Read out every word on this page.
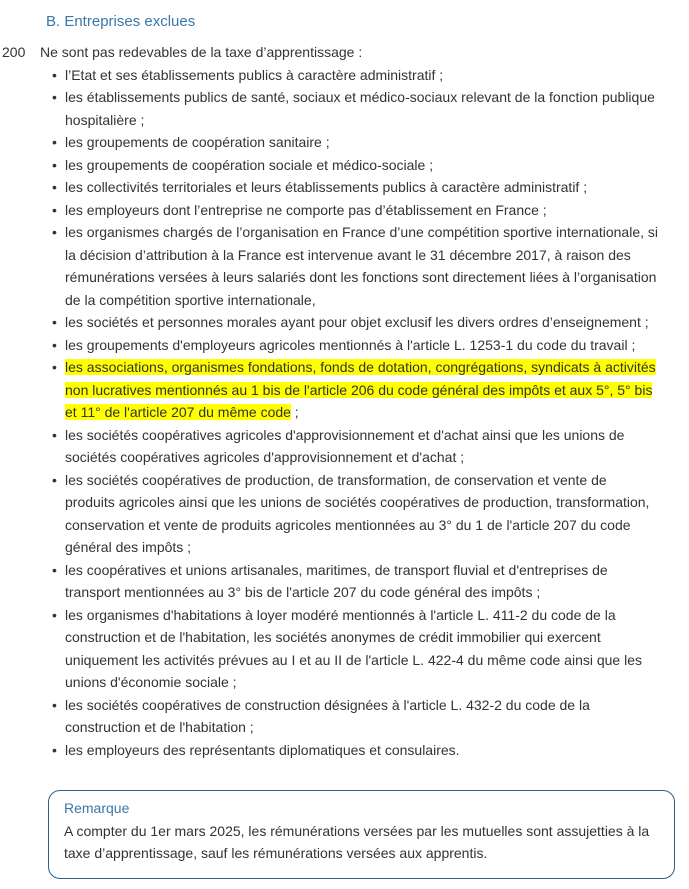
B. Entreprises exclues
200	Ne sont pas redevables de la taxe d’apprentissage :

• l’Etat et ses établissements publics à caractère administratif ;
• les établissements publics de santé, sociaux et médico-sociaux relevant de la fonction publique hospitalière ;
• les groupements de coopération sanitaire ;
• les groupements de coopération sociale et médico-sociale ;
• les collectivités territoriales et leurs établissements publics à caractère administratif ;
• les employeurs dont l’entreprise ne comporte pas d’établissement en France ;
• les organismes chargés de l’organisation en France d’une compétition sportive internationale, si la décision d’attribution à la France est intervenue avant le 31 décembre 2017, à raison des rémunérations versées à leurs salariés dont les fonctions sont directement liées à l’organisation de la compétition sportive internationale,
• les sociétés et personnes morales ayant pour objet exclusif les divers ordres d’enseignement ;
• les groupements d'employeurs agricoles mentionnés à l'article L. 1253-1 du code du travail ;
• les associations, organismes fondations, fonds de dotation, congrégations, syndicats à activités non lucratives mentionnés au 1 bis de l'article 206 du code général des impôts et aux 5°, 5° bis et 11° de l'article 207 du même code ;
• les sociétés coopératives agricoles d'approvisionnement et d'achat ainsi que les unions de sociétés coopératives agricoles d'approvisionnement et d'achat ;
• les sociétés coopératives de production, de transformation, de conservation et vente de produits agricoles ainsi que les unions de sociétés coopératives de production, transformation, conservation et vente de produits agricoles mentionnées au 3° du 1 de l'article 207 du code général des impôts ;
• les coopératives et unions artisanales, maritimes, de transport fluvial et d'entreprises de transport mentionnées au 3° bis de l'article 207 du code général des impôts ;
• les organismes d'habitations à loyer modéré mentionnés à l'article L. 411-2 du code de la construction et de l'habitation, les sociétés anonymes de crédit immobilier qui exercent uniquement les activités prévues au I et au II de l'article L. 422-4 du même code ainsi que les unions d'économie sociale ;
• les sociétés coopératives de construction désignées à l'article L. 432-2 du code de la construction et de l'habitation ;
• les employeurs des représentants diplomatiques et consulaires.

Remarque

A compter du 1er mars 2025, les rémunérations versées par les mutuelles sont assujetties à la taxe d’apprentissage, sauf les rémunérations versées aux apprentis.
